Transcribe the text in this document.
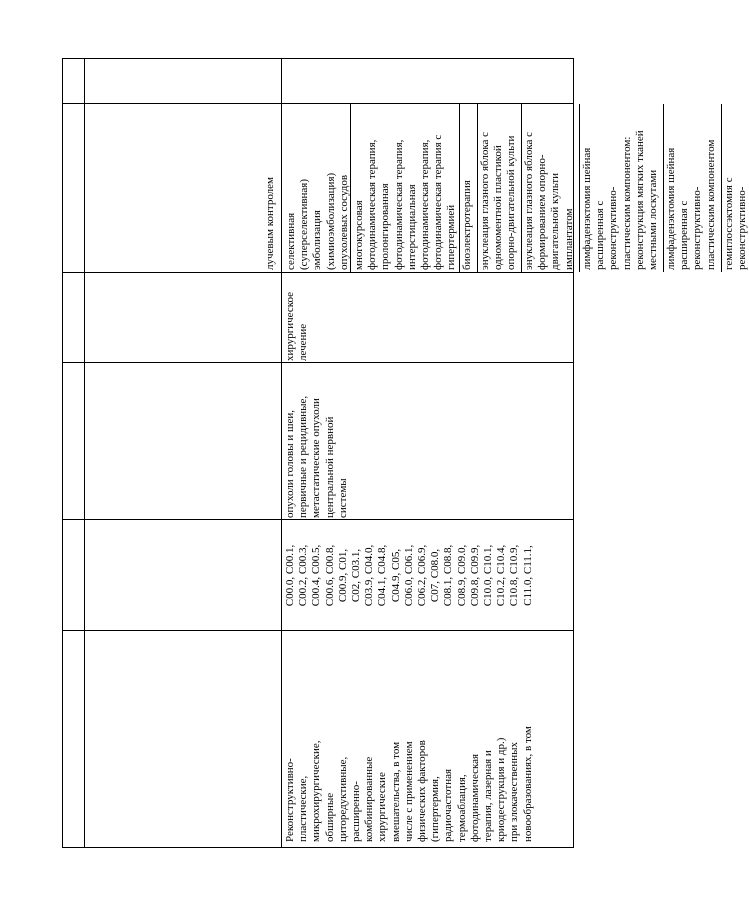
Реконструктивно- пластические, микрохирургические, обширные циторедуктивные, расширенно- комбинированные хирургические вмешательства, в том числе с применением физических факторов (гипертермия, радиочастотная термоаблация, фотодинамическая терапия, лазерная и криодеструкция и др.) при злокачественных новообразованиях, в том
C00.0, C00.1, C00.2, C00.3, C00.4, C00.5, C00.6, C00.8, C00.9, C01, C02, C03.1, C03.9, C04.0, C04.1, C04.8, C04.9, C05, C06.0, C06.1, C06.2, C06.9, C07, C08.0, C08.1, C08.8, C08.9, C09.0, C09.8, C09.9, C10.0, C10.1, C10.2, C10.4, C10.8, C10.9, C11.0, C11.1,
опухоли головы и шеи, первичные и рецидивные, метастатические опухоли центральной нервной системы
хирургическое лечение
лучевым контролем селективная (суперселективная) эмболизация (химиоэмболизация) опухолевых сосудов многокурсовая фотодинамическая терапия, пролонгированная фотодинамическая терапия, интерстициальная фотодинамическая терапия, фотодинамическая терапия с гипертермией биоэлектротерапия энуклеация глазного яблока с одномоментной пластикой опорно-двигательной культи энуклеация глазного яблока с формированием опорно- двигательной культи имплантатом лимфаденэктомия шейная расширенная с реконструктивно- пластическим компонентом: реконструкция мягких тканей местными лоскутами лимфаденэктомия шейная расширенная с реконструктивно- пластическим компонентом гемиглоссэктомия с реконструктивно-
